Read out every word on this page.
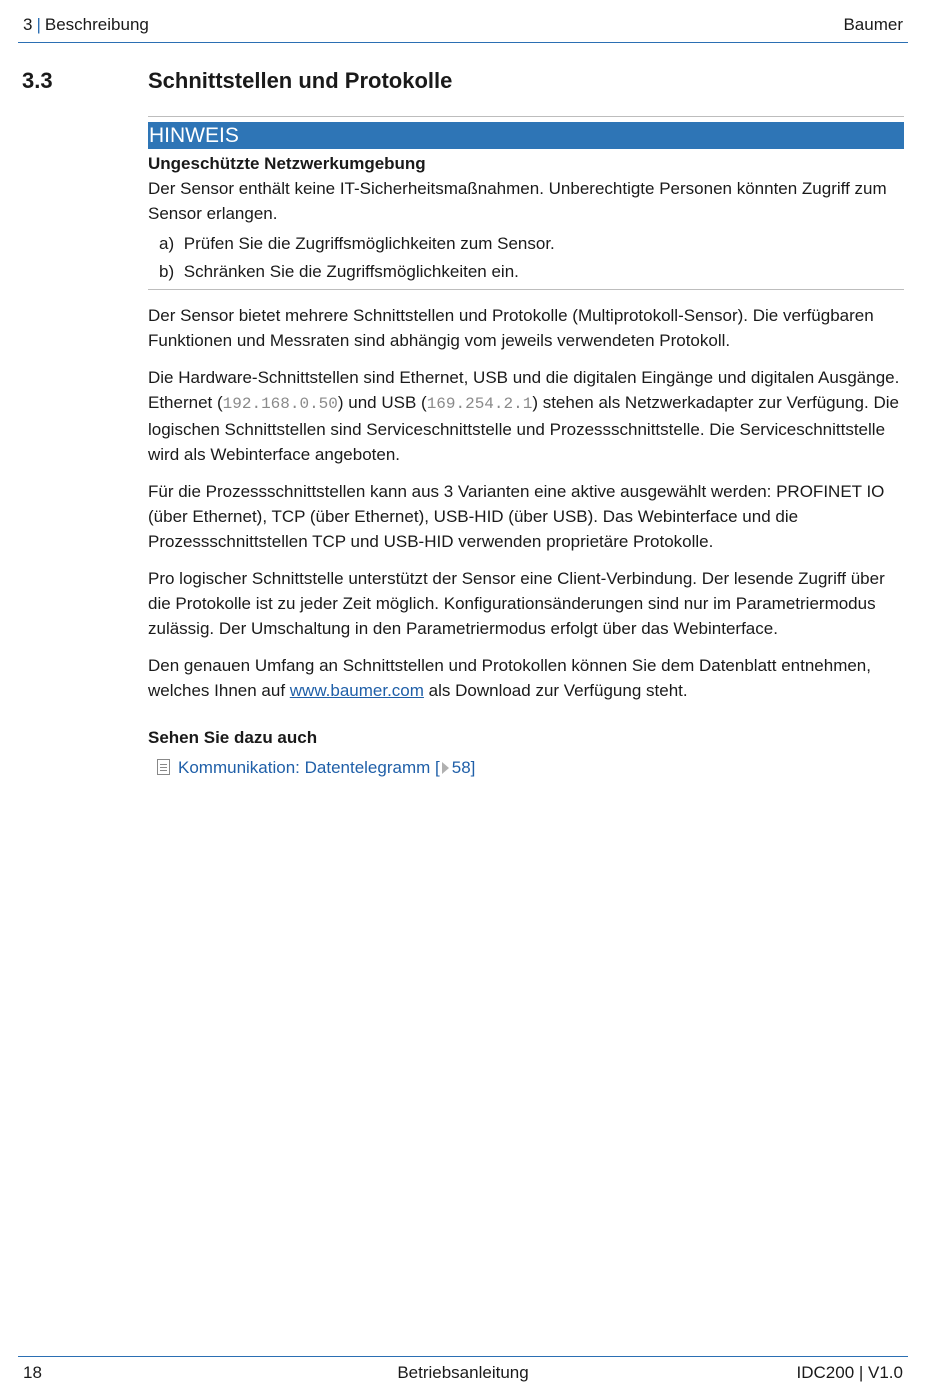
3 | Beschreibung	Baumer
3.3	Schnittstellen und Protokolle
HINWEIS
Ungeschützte Netzwerkumgebung
Der Sensor enthält keine IT-Sicherheitsmaßnahmen. Unberechtigte Personen könnten Zugriff zum Sensor erlangen.
a) Prüfen Sie die Zugriffsmöglichkeiten zum Sensor.
b) Schränken Sie die Zugriffsmöglichkeiten ein.

Der Sensor bietet mehrere Schnittstellen und Protokolle (Multiprotokoll-Sensor). Die verfügbaren Funktionen und Messraten sind abhängig vom jeweils verwendeten Protokoll.

Die Hardware-Schnittstellen sind Ethernet, USB und die digitalen Eingänge und digitalen Ausgänge. Ethernet (192.168.0.50) und USB (169.254.2.1) stehen als Netzwerkadapter zur Verfügung. Die logischen Schnittstellen sind Serviceschnittstelle und Prozessschnittstelle. Die Serviceschnittstelle wird als Webinterface angeboten.

Für die Prozessschnittstellen kann aus 3 Varianten eine aktive ausgewählt werden: PROFINET IO (über Ethernet), TCP (über Ethernet), USB-HID (über USB). Das Webinterface und die Prozessschnittstellen TCP und USB-HID verwenden proprietäre Protokolle.

Pro logischer Schnittstelle unterstützt der Sensor eine Client-Verbindung. Der lesende Zugriff über die Protokolle ist zu jeder Zeit möglich. Konfigurationsänderungen sind nur im Parametriermodus zulässig. Der Umschaltung in den Parametriermodus erfolgt über das Webinterface.

Den genauen Umfang an Schnittstellen und Protokollen können Sie dem Datenblatt entnehmen, welches Ihnen auf www.baumer.com als Download zur Verfügung steht.

Sehen Sie dazu auch
Kommunikation: Datentelegramm [ 58]
18	Betriebsanleitung	IDC200 | V1.0
